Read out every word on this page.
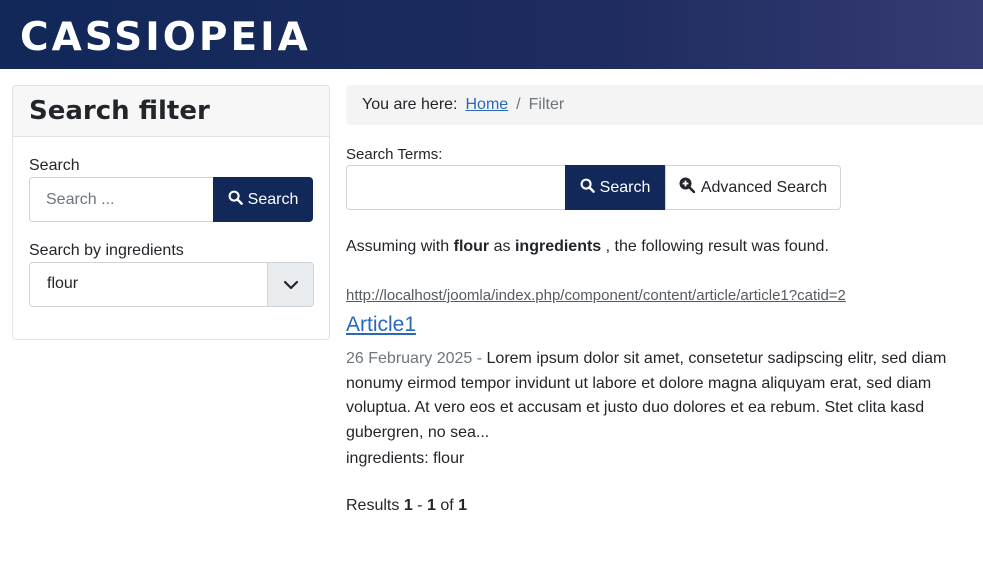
CASSIOPEIA
Search filter
Search
Search ...
Search
Search by ingredients
flour
You are here: Home / Filter
Search Terms:
Search	Advanced Search

Assuming with flour as ingredients , the following result was found.

http://localhost/joomla/index.php/component/content/article/article1?catid=2
Article1

26 February 2025 - Lorem ipsum dolor sit amet, consetetur sadipscing elitr, sed diam nonumy eirmod tempor invidunt ut labore et dolore magna aliquyam erat, sed diam voluptua. At vero eos et accusam et justo duo dolores et ea rebum. Stet clita kasd gubergren, no sea...

ingredients : flour

Results 1 - 1 of 1
